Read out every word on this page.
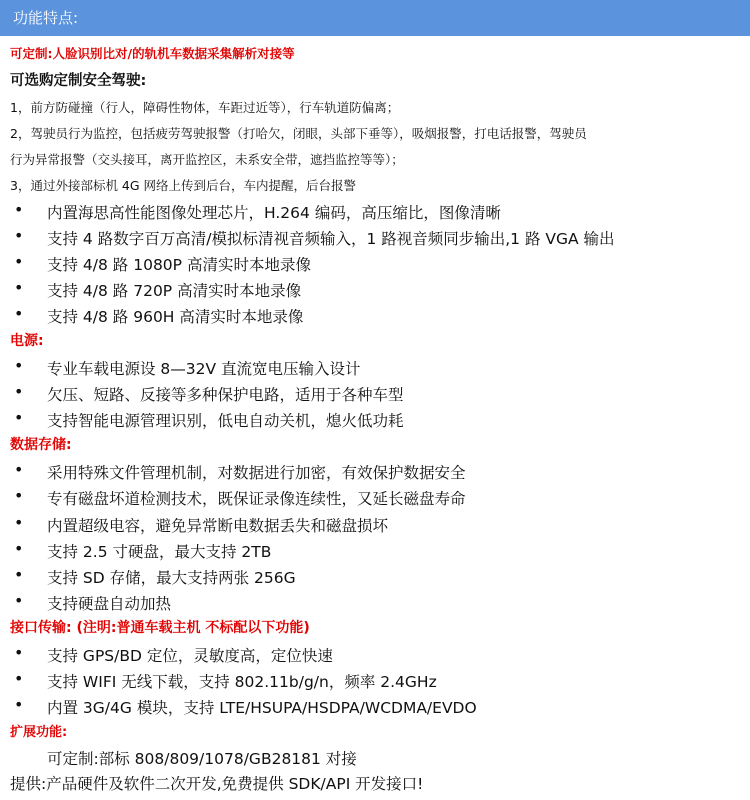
功能特点:
可定制:人脸识别比对/的轨机车数据采集解析对接等
可选购定制安全驾驶:
1，前方防碰撞（行人，障碍性物体，车距过近等），行车轨道防偏离；
2，驾驶员行为监控，包括疲劳驾驶报警（打哈欠，闭眼，头部下垂等），吸烟报警，打电话报警，驾驶员
行为异常报警（交头接耳，离开监控区，未系安全带，遮挡监控等等）；
3，通过外接部标机 4G 网络上传到后台，车内提醒，后台报警
• 内置海思高性能图像处理芯片，H.264 编码，高压缩比，图像清晰
• 支持 4 路数字百万高清/模拟标清视音频输入，1 路视音频同步输出,1 路 VGA 输出
• 支持 4/8 路 1080P 高清实时本地录像
• 支持 4/8 路 720P 高清实时本地录像
• 支持 4/8 路 960H 高清实时本地录像
电源:
• 专业车载电源设 8—32V 直流宽电压输入设计
• 欠压、短路、反接等多种保护电路，适用于各种车型
• 支持智能电源管理识别，低电自动关机，熄火低功耗
数据存储:
• 采用特殊文件管理机制，对数据进行加密，有效保护数据安全
• 专有磁盘坏道检测技术，既保证录像连续性，又延长磁盘寿命
• 内置超级电容，避免异常断电数据丢失和磁盘损坏
• 支持 2.5 寸硬盘，最大支持 2TB
• 支持 SD 存储，最大支持两张 256G
• 支持硬盘自动加热
接口传输: (注明:普通车载主机 不标配以下功能)
• 支持 GPS/BD 定位，灵敏度高，定位快速
• 支持 WIFI 无线下载，支持 802.11b/g/n，频率 2.4GHz
• 内置 3G/4G 模块，支持 LTE/HSUPA/HSDPA/WCDMA/EVDO
扩展功能:
可定制:部标 808/809/1078/GB28181 对接
提供:产品硬件及软件二次开发,免费提供 SDK/API 开发接口!
